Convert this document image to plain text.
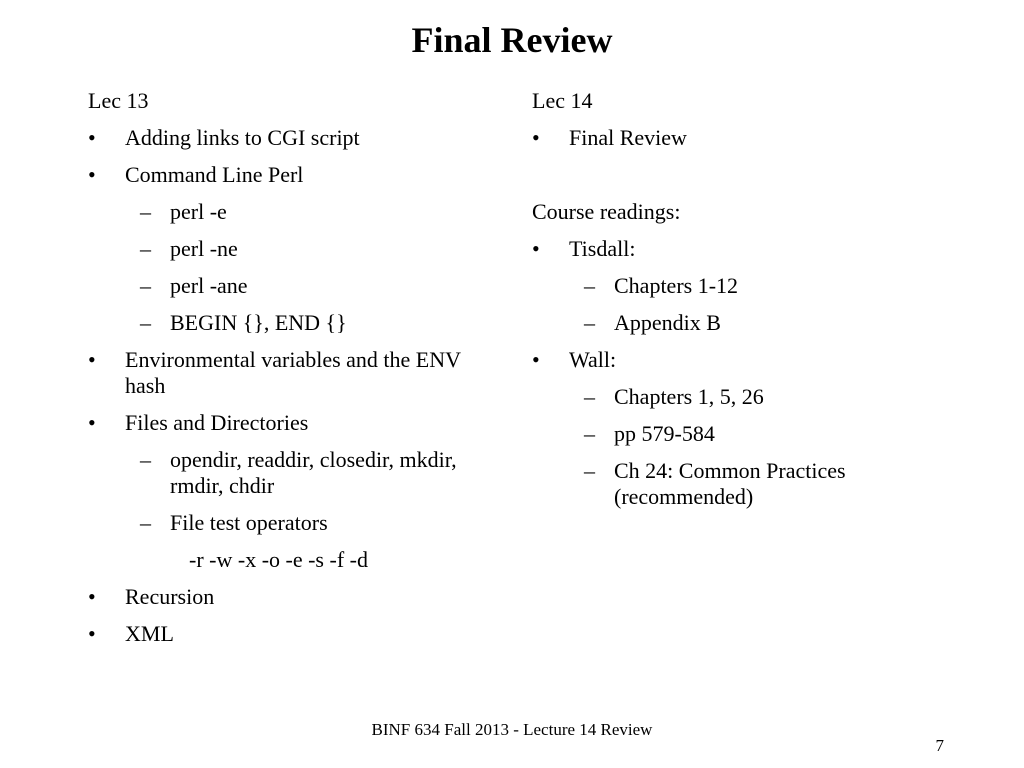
Final Review
Lec 13
•	Adding links to CGI script
•	Command Line Perl
– perl -e
– perl -ne
– perl -ane
– BEGIN {}, END {}
•	Environmental variables and the ENV hash
•	Files and Directories
– opendir, readdir, closedir, mkdir, rmdir, chdir
– File test operators
-r -w -x -o -e -s -f -d
•	Recursion
•	XML
Lec 14
•	Final Review
Course readings:
•	Tisdall:
– Chapters 1-12
– Appendix B
•	Wall:
– Chapters 1, 5, 26
– pp 579-584
– Ch 24: Common Practices (recommended)
BINF 634 Fall 2013 - Lecture 14 Review
7
